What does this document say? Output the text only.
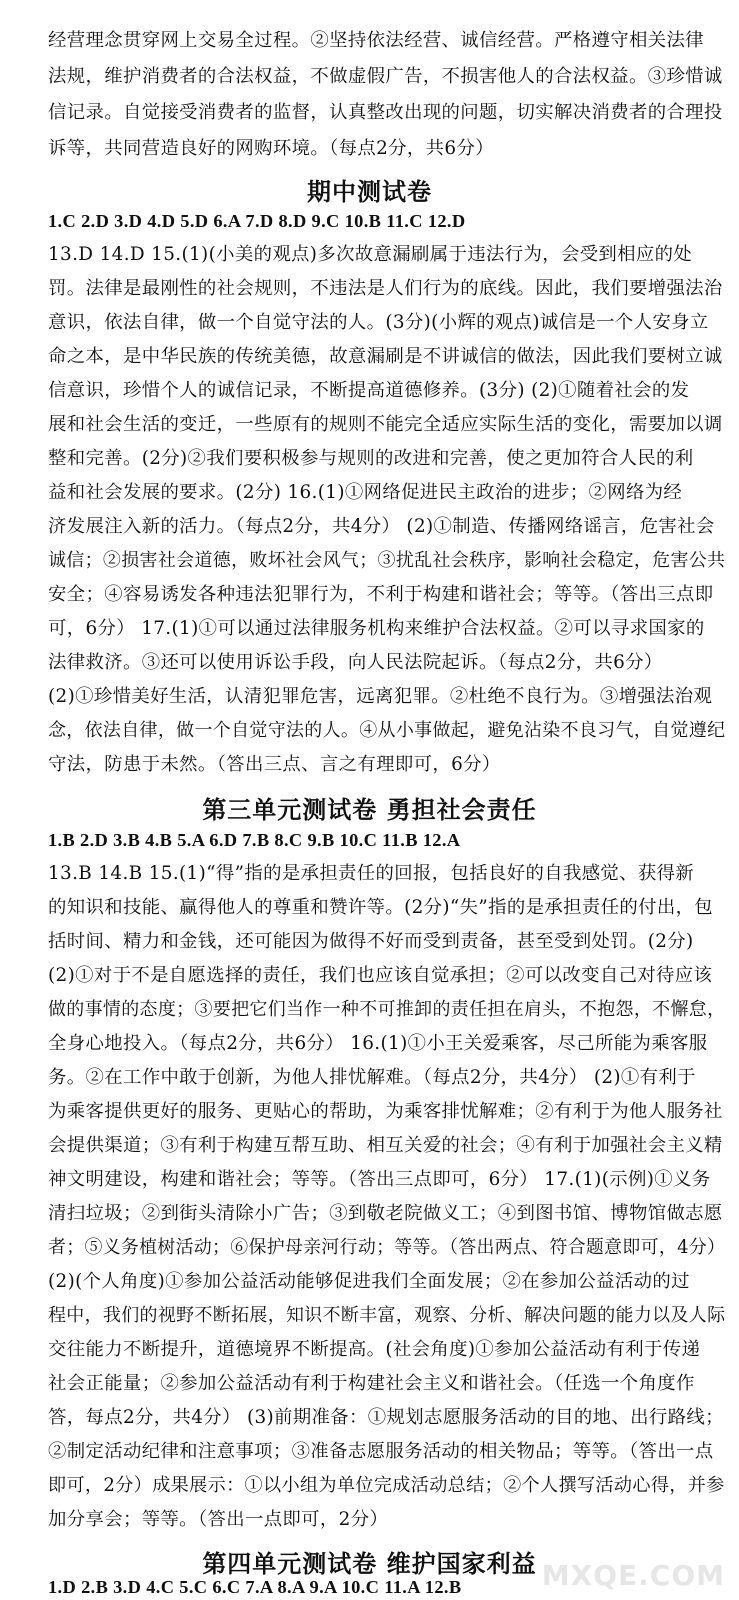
经营理念贯穿网上交易全过程。②坚持依法经营、诚信经营。严格遵守相关法律
法规，维护消费者的合法权益，不做虚假广告，不损害他人的合法权益。③珍惜诚
信记录。自觉接受消费者的监督，认真整改出现的问题，切实解决消费者的合理投
诉等，共同营造良好的网购环境。（每点2分，共6分）
期中测试卷
1.C 2.D 3.D 4.D 5.D 6.A 7.D 8.D 9.C 10.B 11.C 12.D
13.D 14.D 15.(1)(小美的观点)多次故意漏刷属于违法行为，会受到相应的处
罚。法律是最刚性的社会规则，不违法是人们行为的底线。因此，我们要增强法治
意识，依法自律，做一个自觉守法的人。(3分)(小辉的观点)诚信是一个人安身立
命之本，是中华民族的传统美德，故意漏刷是不讲诚信的做法，因此我们要树立诚
信意识，珍惜个人的诚信记录，不断提高道德修养。(3分) (2)①随着社会的发
展和社会生活的变迁，一些原有的规则不能完全适应实际生活的变化，需要加以调
整和完善。(2分)②我们要积极参与规则的改进和完善，使之更加符合人民的利
益和社会发展的要求。(2分) 16.(1)①网络促进民主政治的进步；②网络为经
济发展注入新的活力。（每点2分，共4分） (2)①制造、传播网络谣言，危害社会
诚信；②损害社会道德，败坏社会风气；③扰乱社会秩序，影响社会稳定，危害公共
安全；④容易诱发各种违法犯罪行为，不利于构建和谐社会；等等。（答出三点即
可，6分） 17.(1)①可以通过法律服务机构来维护合法权益。②可以寻求国家的
法律救济。③还可以使用诉讼手段，向人民法院起诉。（每点2分，共6分）
(2)①珍惜美好生活，认清犯罪危害，远离犯罪。②杜绝不良行为。③增强法治观
念，依法自律，做一个自觉守法的人。④从小事做起，避免沾染不良习气，自觉遵纪
守法，防患于未然。（答出三点、言之有理即可，6分）
第三单元测试卷 勇担社会责任
1.B 2.D 3.B 4.B 5.A 6.D 7.B 8.C 9.B 10.C 11.B 12.A
13.B 14.B 15.(1)“得”指的是承担责任的回报，包括良好的自我感觉、获得新
的知识和技能、赢得他人的尊重和赞许等。(2分)“失”指的是承担责任的付出，包
括时间、精力和金钱，还可能因为做得不好而受到责备，甚至受到处罚。(2分)
(2)①对于不是自愿选择的责任，我们也应该自觉承担；②可以改变自己对待应该
做的事情的态度；③要把它们当作一种不可推卸的责任担在肩头，不抱怨，不懈怠，
全身心地投入。（每点2分，共6分） 16.(1)①小王关爱乘客，尽己所能为乘客服
务。②在工作中敢于创新，为他人排忧解难。（每点2分，共4分） (2)①有利于
为乘客提供更好的服务、更贴心的帮助，为乘客排忧解难；②有利于为他人服务社
会提供渠道；③有利于构建互帮互助、相互关爱的社会；④有利于加强社会主义精
神文明建设，构建和谐社会；等等。（答出三点即可，6分） 17.(1)(示例)①义务
清扫垃圾；②到街头清除小广告；③到敬老院做义工；④到图书馆、博物馆做志愿
者；⑤义务植树活动；⑥保护母亲河行动；等等。（答出两点、符合题意即可，4分）
(2)(个人角度)①参加公益活动能够促进我们全面发展；②在参加公益活动的过
程中，我们的视野不断拓展，知识不断丰富，观察、分析、解决问题的能力以及人际
交往能力不断提升，道德境界不断提高。(社会角度)①参加公益活动有利于传递
社会正能量；②参加公益活动有利于构建社会主义和谐社会。（任选一个角度作
答，每点2分，共4分） (3)前期准备：①规划志愿服务活动的目的地、出行路线；
②制定活动纪律和注意事项；③准备志愿服务活动的相关物品；等等。（答出一点
即可，2分）成果展示：①以小组为单位完成活动总结；②个人撰写活动心得，并参
加分享会；等等。（答出一点即可，2分）
第四单元测试卷 维护国家利益
1.D 2.B 3.D 4.C 5.C 6.C 7.A 8.A 9.A 10.C 11.A 12.B	MXQE.COM
